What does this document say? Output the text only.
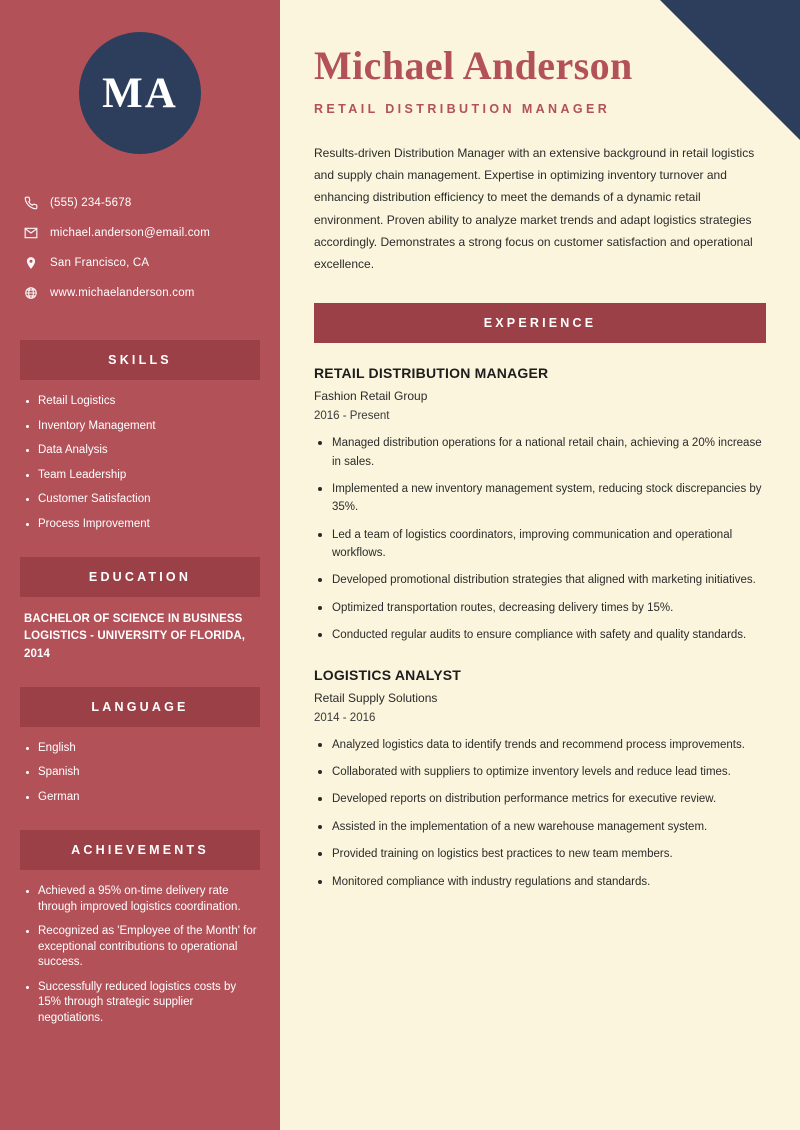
MA
(555) 234-5678
michael.anderson@email.com
San Francisco, CA
www.michaelanderson.com
SKILLS
Retail Logistics
Inventory Management
Data Analysis
Team Leadership
Customer Satisfaction
Process Improvement
EDUCATION
BACHELOR OF SCIENCE IN BUSINESS LOGISTICS - UNIVERSITY OF FLORIDA, 2014
LANGUAGE
English
Spanish
German
ACHIEVEMENTS
Achieved a 95% on-time delivery rate through improved logistics coordination.
Recognized as 'Employee of the Month' for exceptional contributions to operational success.
Successfully reduced logistics costs by 15% through strategic supplier negotiations.
Michael Anderson
RETAIL DISTRIBUTION MANAGER

Results-driven Distribution Manager with an extensive background in retail logistics and supply chain management. Expertise in optimizing inventory turnover and enhancing distribution efficiency to meet the demands of a dynamic retail environment. Proven ability to analyze market trends and adapt logistics strategies accordingly. Demonstrates a strong focus on customer satisfaction and operational excellence.

EXPERIENCE
RETAIL DISTRIBUTION MANAGER
Fashion Retail Group
2016 - Present
Managed distribution operations for a national retail chain, achieving a 20% increase in sales.
Implemented a new inventory management system, reducing stock discrepancies by 35%.
Led a team of logistics coordinators, improving communication and operational workflows.
Developed promotional distribution strategies that aligned with marketing initiatives.
Optimized transportation routes, decreasing delivery times by 15%.
Conducted regular audits to ensure compliance with safety and quality standards.
LOGISTICS ANALYST
Retail Supply Solutions
2014 - 2016
Analyzed logistics data to identify trends and recommend process improvements.
Collaborated with suppliers to optimize inventory levels and reduce lead times.
Developed reports on distribution performance metrics for executive review.
Assisted in the implementation of a new warehouse management system.
Provided training on logistics best practices to new team members.
Monitored compliance with industry regulations and standards.
